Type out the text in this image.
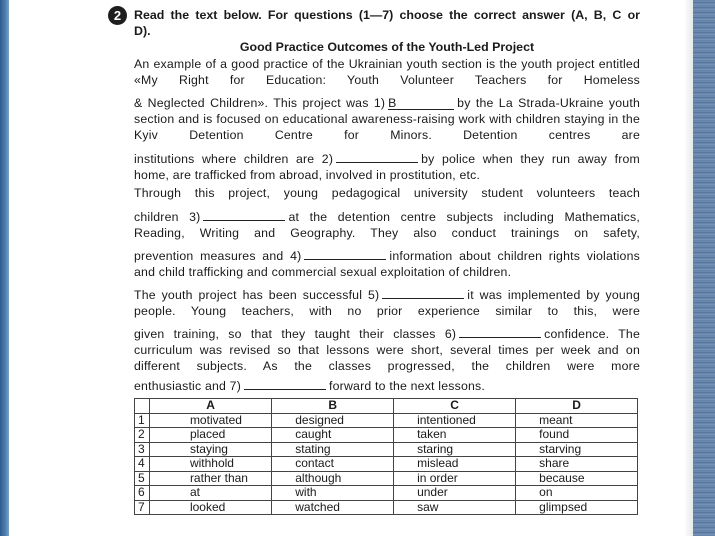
2	Read the text below. For questions (1—7) choose the correct answer (A, B, C or D).
Good Practice Outcomes of the Youth-Led Project
An example of a good practice of the Ukrainian youth section is the youth project entitled «My Right for Education: Youth Volunteer Teachers for Homeless
& Neglected Children». This project was 1) B	by the La Strada-Ukraine youth section and is focused on educational awareness-raising work with children staying in the Kyiv Detention Centre for Minors. Detention centres are
institutions where children are 2)	by police when they run away from home, are trafficked from abroad, involved in prostitution, etc.
Through this project, young pedagogical university student volunteers teach
children 3)	at the detention centre subjects including Mathematics, Reading, Writing and Geography. They also conduct trainings on safety,
prevention measures and 4)	information about children rights violations and child trafficking and commercial sexual exploitation of children.
The youth project has been successful 5)	it was implemented by young people. Young teachers, with no prior experience similar to this, were
given training, so that they taught their classes 6)	confidence. The curriculum was revised so that lessons were short, several times per week and on different subjects. As the classes progressed, the children were more
enthusiastic and 7)	forward to the next lessons.
	A	B	C	D
1	motivated	designed	intentioned	meant
2	placed	caught	taken	found
3	staying	stating	staring	starving
4	withhold	contact	mislead	share
5	rather than	although	in order	because
6	at	with	under	on
7	looked	watched	saw	glimpsed
